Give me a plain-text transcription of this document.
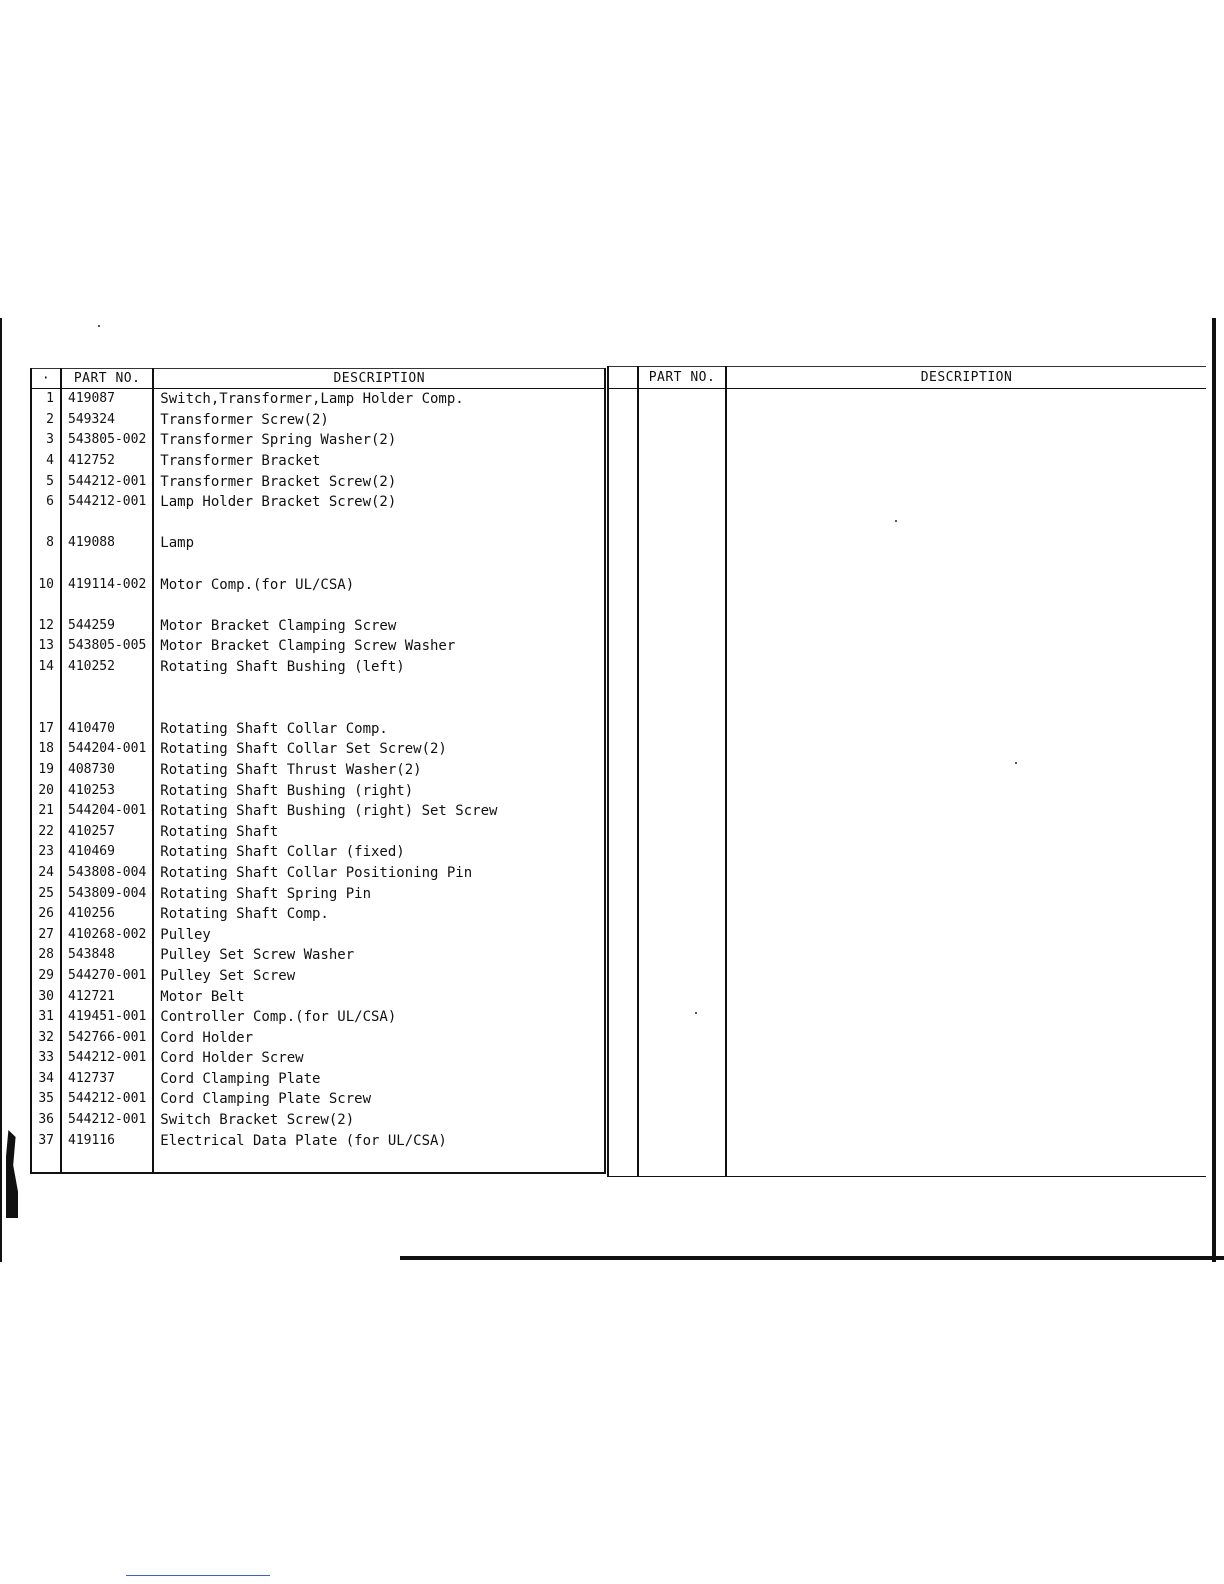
·	PART NO.	DESCRIPTION
1	419087	Switch,Transformer,Lamp Holder Comp.
2	549324	Transformer Screw(2)
3	543805-002	Transformer Spring Washer(2)
4	412752	Transformer Bracket
5	544212-001	Transformer Bracket Screw(2)
6	544212-001	Lamp Holder Bracket Screw(2)

8	419088	Lamp

10	419114-002	Motor Comp.(for UL/CSA)

12	544259	Motor Bracket Clamping Screw
13	543805-005	Motor Bracket Clamping Screw Washer
14	410252	Rotating Shaft Bushing (left)

17	410470	Rotating Shaft Collar Comp.
18	544204-001	Rotating Shaft Collar Set Screw(2)
19	408730	Rotating Shaft Thrust Washer(2)
20	410253	Rotating Shaft Bushing (right)
21	544204-001	Rotating Shaft Bushing (right) Set Screw
22	410257	Rotating Shaft
23	410469	Rotating Shaft Collar (fixed)
24	543808-004	Rotating Shaft Collar Positioning Pin
25	543809-004	Rotating Shaft Spring Pin
26	410256	Rotating Shaft Comp.
27	410268-002	Pulley
28	543848	Pulley Set Screw Washer
29	544270-001	Pulley Set Screw
30	412721	Motor Belt
31	419451-001	Controller Comp.(for UL/CSA)
32	542766-001	Cord Holder
33	544212-001	Cord Holder Screw
34	412737	Cord Clamping Plate
35	544212-001	Cord Clamping Plate Screw
36	544212-001	Switch Bracket Screw(2)
37	419116	Electrical Data Plate (for UL/CSA)

	PART NO.	DESCRIPTION
